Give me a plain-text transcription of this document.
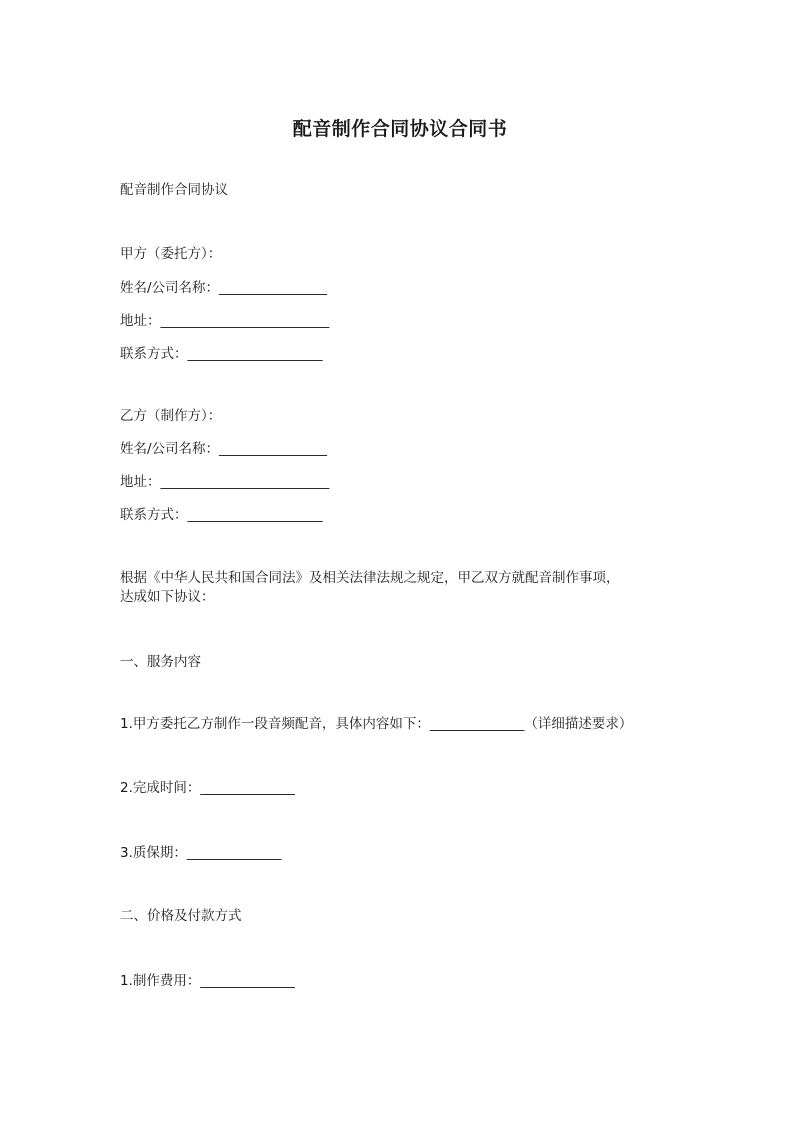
配音制作合同协议合同书
配音制作合同协议
甲方（委托方）：
姓名/公司名称：________________
地址：_________________________
联系方式：____________________
乙方（制作方）：
姓名/公司名称：________________
地址：_________________________
联系方式：____________________
根据《中华人民共和国合同法》及相关法律法规之规定，甲乙双方就配音制作事项，
达成如下协议：
一、服务内容
1.甲方委托乙方制作一段音频配音，具体内容如下：______________（详细描述要求）
2.完成时间：______________
3.质保期：______________
二、价格及付款方式
1.制作费用：______________
